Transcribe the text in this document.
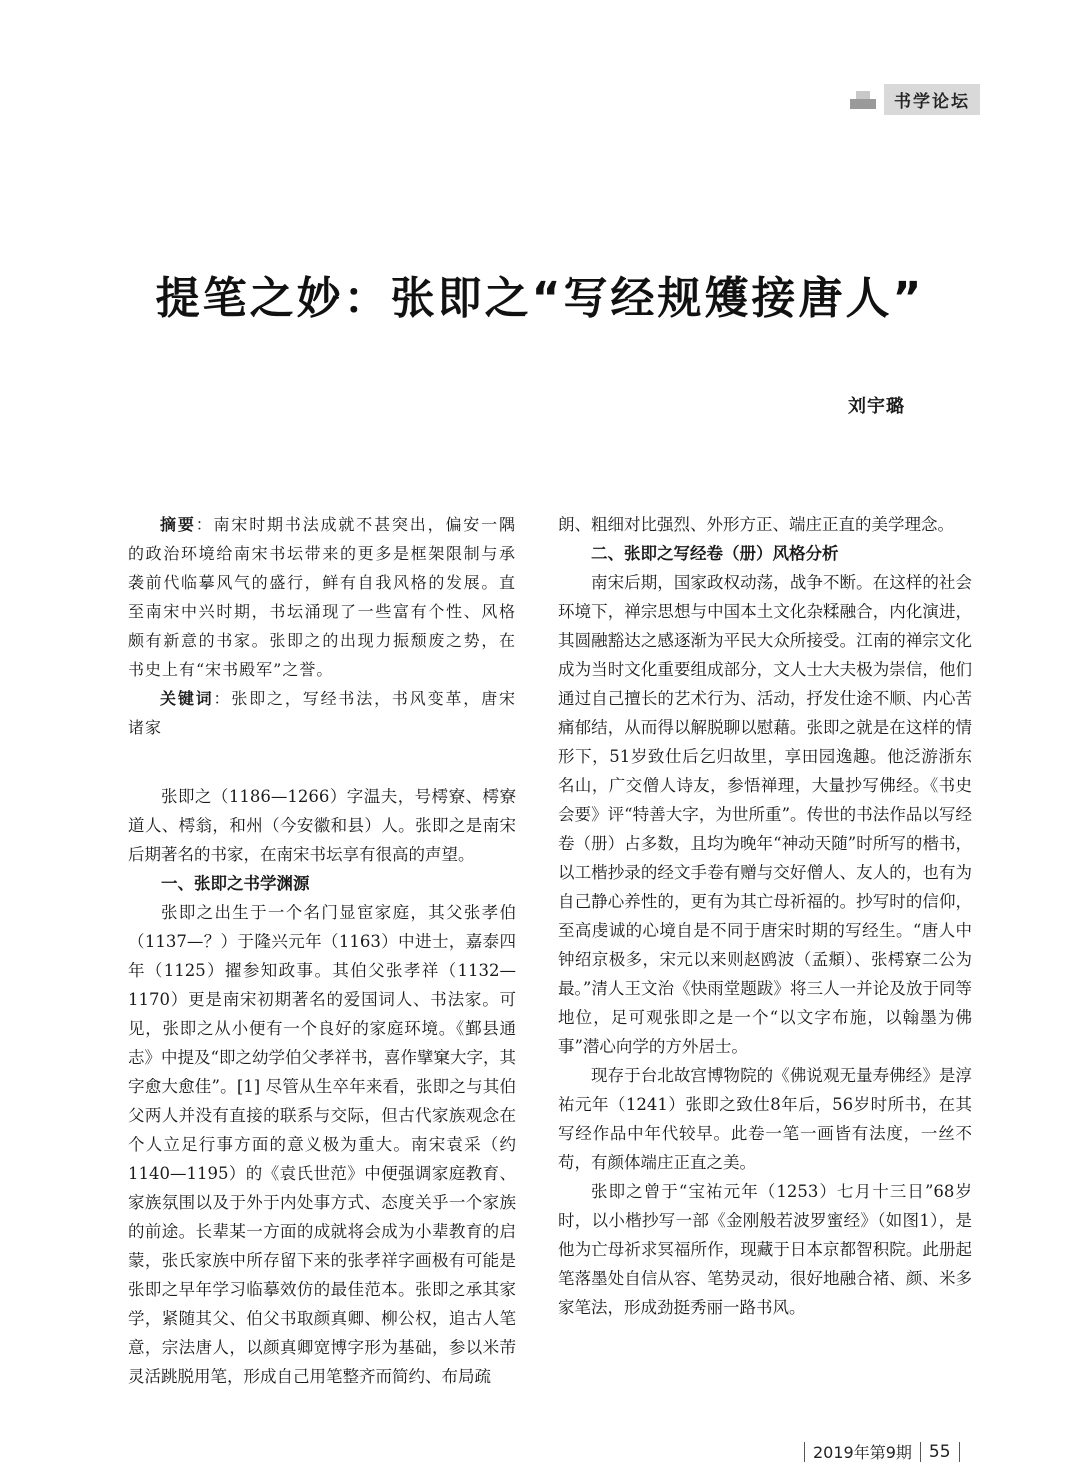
书学论坛
提笔之妙：张即之“写经规矱接唐人”
刘宇璐

摘要：南宋时期书法成就不甚突出，偏安一隅的政治环境给南宋书坛带来的更多是框架限制与承袭前代临摹风气的盛行，鲜有自我风格的发展。直至南宋中兴时期，书坛涌现了一些富有个性、风格颇有新意的书家。张即之的出现力振颓废之势，在书史上有“宋书殿军”之誉。

关键词：张即之，写经书法，书风变革，唐宋诸家

张即之（1186—1266）字温夫，号樗寮、樗寮道人、樗翁，和州（今安徽和县）人。张即之是南宋后期著名的书家，在南宋书坛享有很高的声望。

一、张即之书学渊源

张即之出生于一个名门显宦家庭，其父张孝伯（1137—？）于隆兴元年（1163）中进士，嘉泰四年（1125）擢参知政事。其伯父张孝祥（1132—1170）更是南宋初期著名的爱国词人、书法家。可见，张即之从小便有一个良好的家庭环境。《鄞县通志》中提及“即之幼学伯父孝祥书，喜作擘窠大字，其字愈大愈佳”。[1] 尽管从生卒年来看，张即之与其伯父两人并没有直接的联系与交际，但古代家族观念在个人立足行事方面的意义极为重大。南宋袁采（约1140—1195）的《袁氏世范》中便强调家庭教育、家族氛围以及于外于内处事方式、态度关乎一个家族的前途。长辈某一方面的成就将会成为小辈教育的启蒙，张氏家族中所存留下来的张孝祥字画极有可能是张即之早年学习临摹效仿的最佳范本。张即之承其家学，紧随其父、伯父书取颜真卿、柳公权，追古人笔意，宗法唐人，以颜真卿宽博字形为基础，参以米芾灵活跳脱用笔，形成自己用笔整齐而简约、布局疏

朗、粗细对比强烈、外形方正、端庄正直的美学理念。

二、张即之写经卷（册）风格分析

南宋后期，国家政权动荡，战争不断。在这样的社会环境下，禅宗思想与中国本土文化杂糅融合，内化演进，其圆融豁达之感逐渐为平民大众所接受。江南的禅宗文化成为当时文化重要组成部分，文人士大夫极为崇信，他们通过自己擅长的艺术行为、活动，抒发仕途不顺、内心苦痛郁结，从而得以解脱聊以慰藉。张即之就是在这样的情形下，51岁致仕后乞归故里，享田园逸趣。他泛游浙东名山，广交僧人诗友，参悟禅理，大量抄写佛经。《书史会要》评“特善大字，为世所重”。传世的书法作品以写经卷（册）占多数，且均为晚年“神动天随”时所写的楷书，以工楷抄录的经文手卷有赠与交好僧人、友人的，也有为自己静心养性的，更有为其亡母祈福的。抄写时的信仰，至高虔诚的心境自是不同于唐宋时期的写经生。“唐人中钟绍京极多，宋元以来则赵鸥波（孟頫）、张樗寮二公为最。”清人王文治《快雨堂题跋》将三人一并论及放于同等地位，足可观张即之是一个“以文字布施，以翰墨为佛事”潜心向学的方外居士。

现存于台北故宫博物院的《佛说观无量寿佛经》是淳祐元年（1241）张即之致仕8年后，56岁时所书，在其写经作品中年代较早。此卷一笔一画皆有法度，一丝不苟，有颜体端庄正直之美。

张即之曾于“宝祐元年（1253）七月十三日”68岁时，以小楷抄写一部《金刚般若波罗蜜经》（如图1），是他为亡母祈求冥福所作，现藏于日本京都智积院。此册起笔落墨处自信从容、笔势灵动，很好地融合褚、颜、米多家笔法，形成劲挺秀丽一路书风。

2019年第9期 55
